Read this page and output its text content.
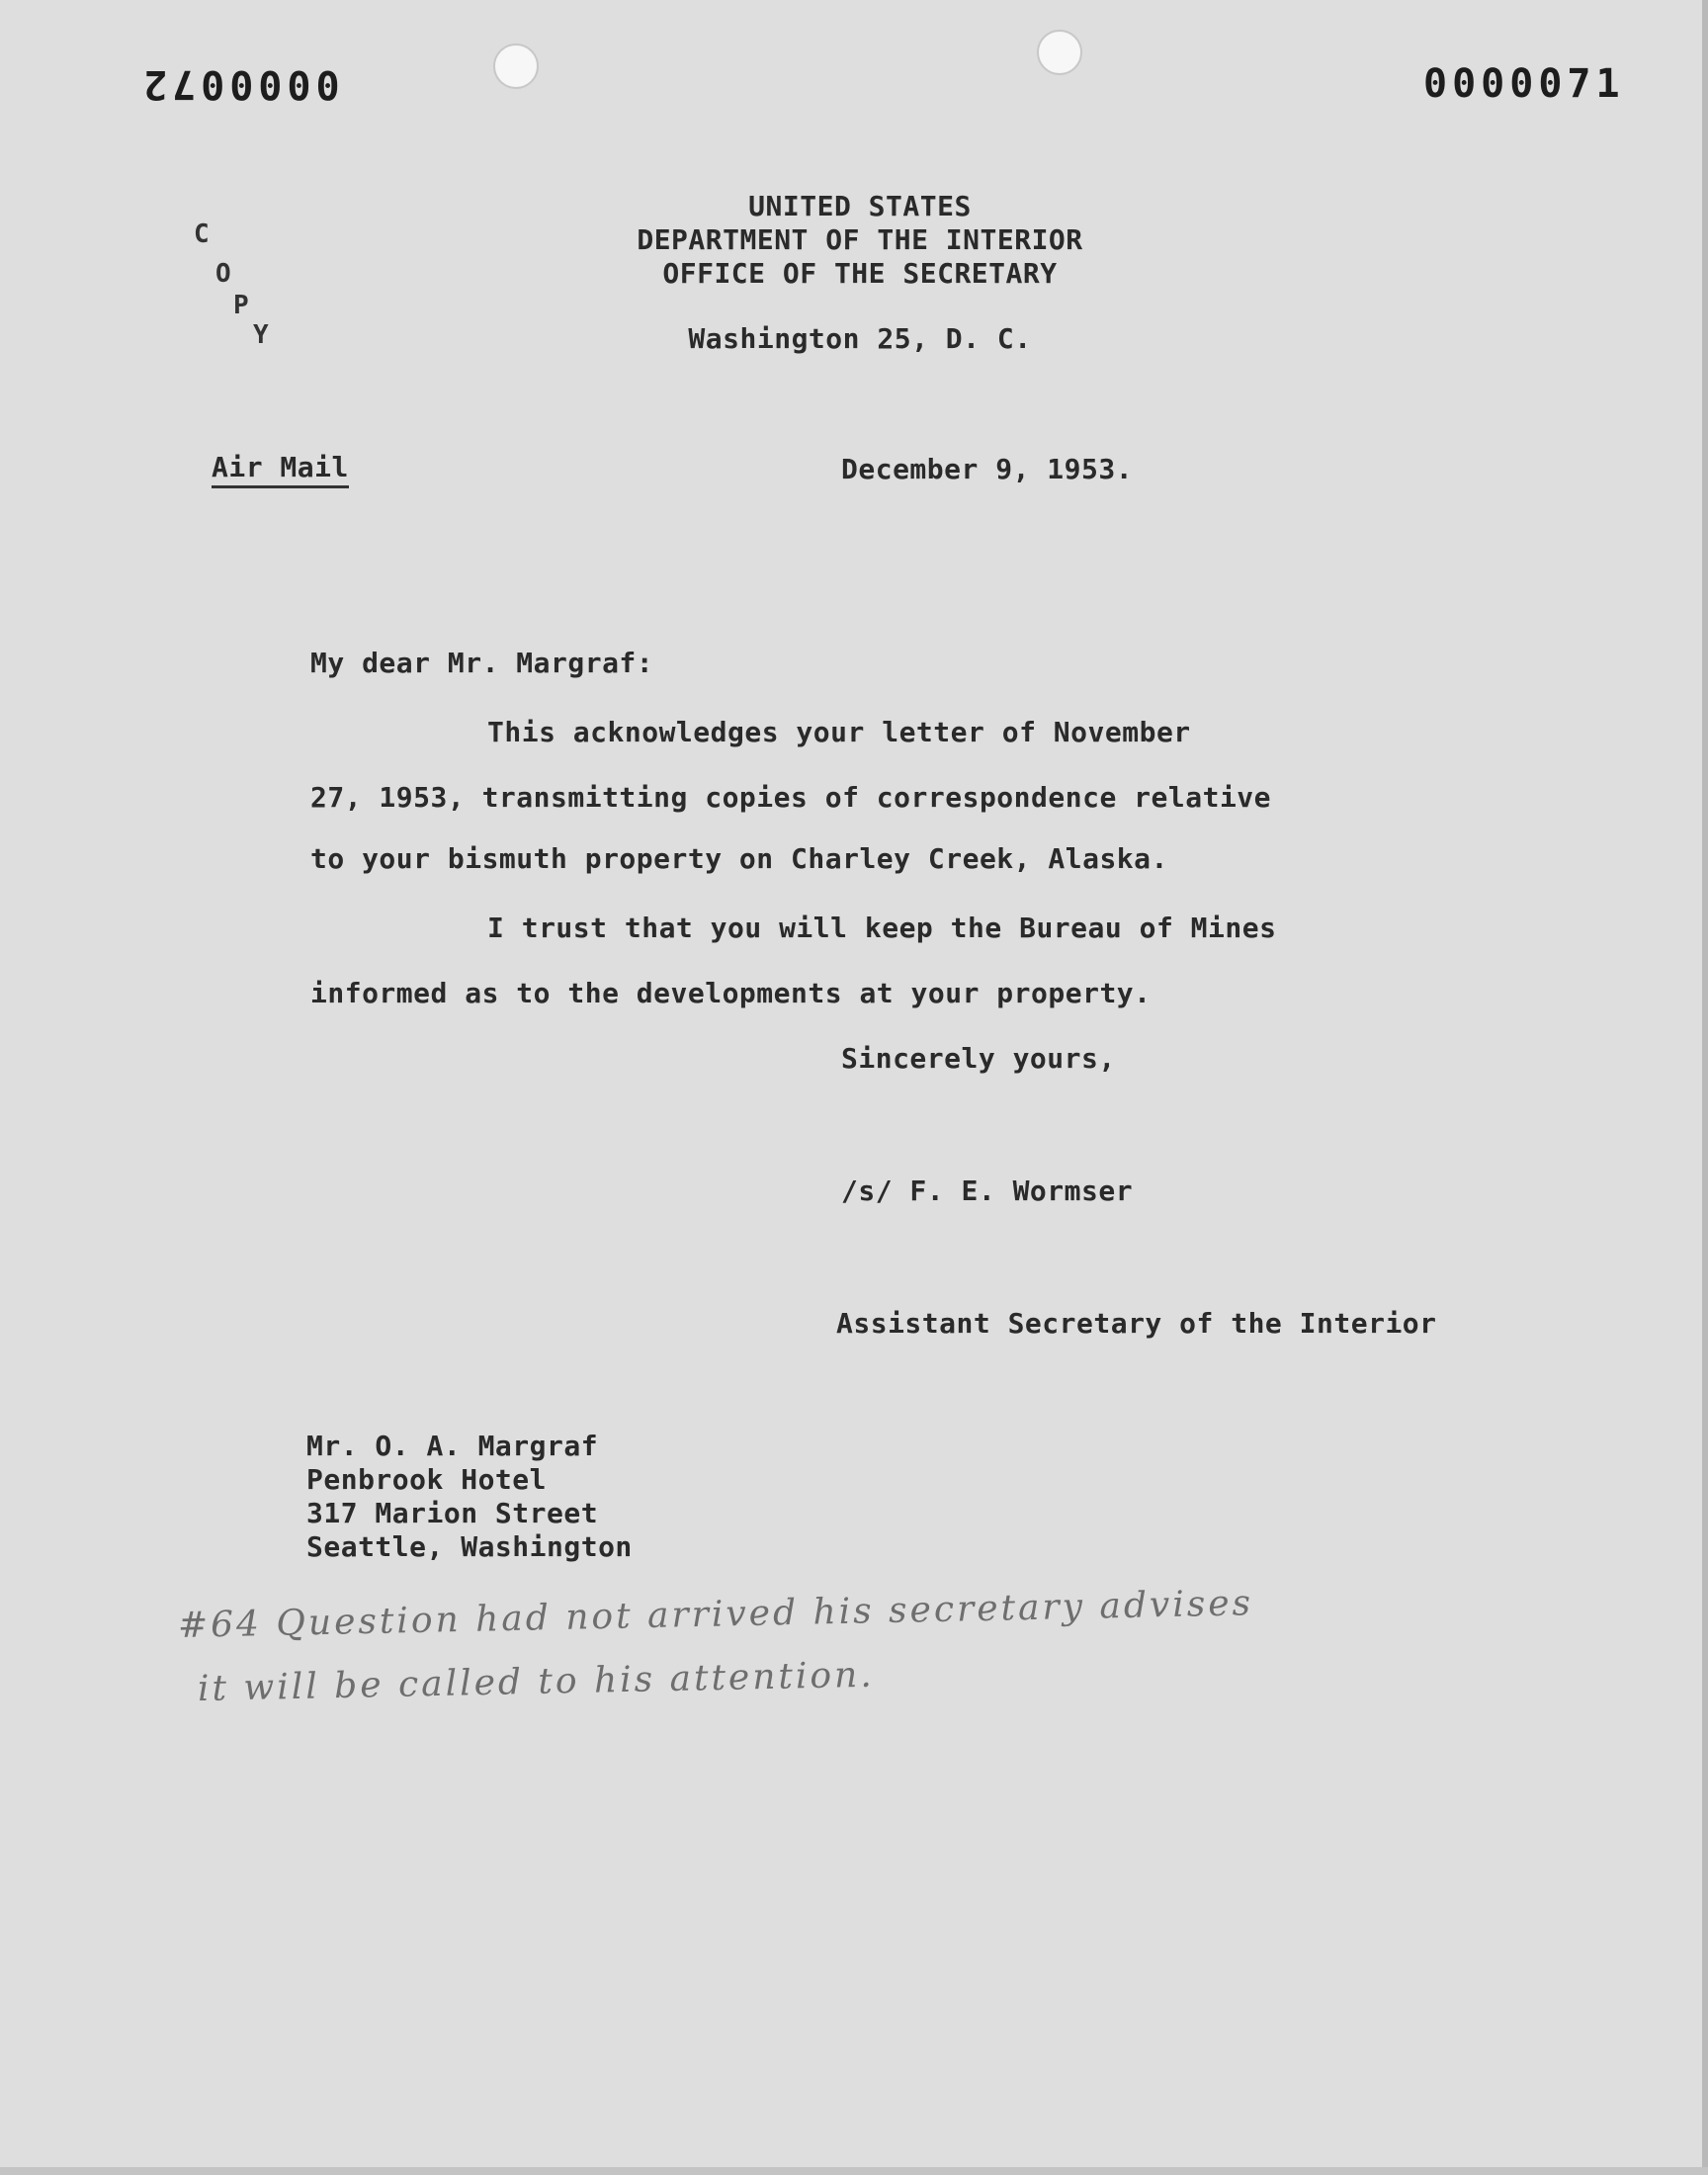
0000072	0000071
C
O
P
Y
UNITED STATES
DEPARTMENT OF THE INTERIOR
OFFICE OF THE SECRETARY
Washington 25, D. C.
Air Mail	December 9, 1953.
My dear Mr. Margraf:
This acknowledges your letter of November
27, 1953, transmitting copies of correspondence relative
to your bismuth property on Charley Creek, Alaska.
I trust that you will keep the Bureau of Mines
informed as to the developments at your property.
Sincerely yours,
/s/ F. E. Wormser
Assistant Secretary of the Interior
Mr. O. A. Margraf
Penbrook Hotel
317 Marion Street
Seattle, Washington
#64 Question had not arrived his secretary advises
it will be called to his attention.
